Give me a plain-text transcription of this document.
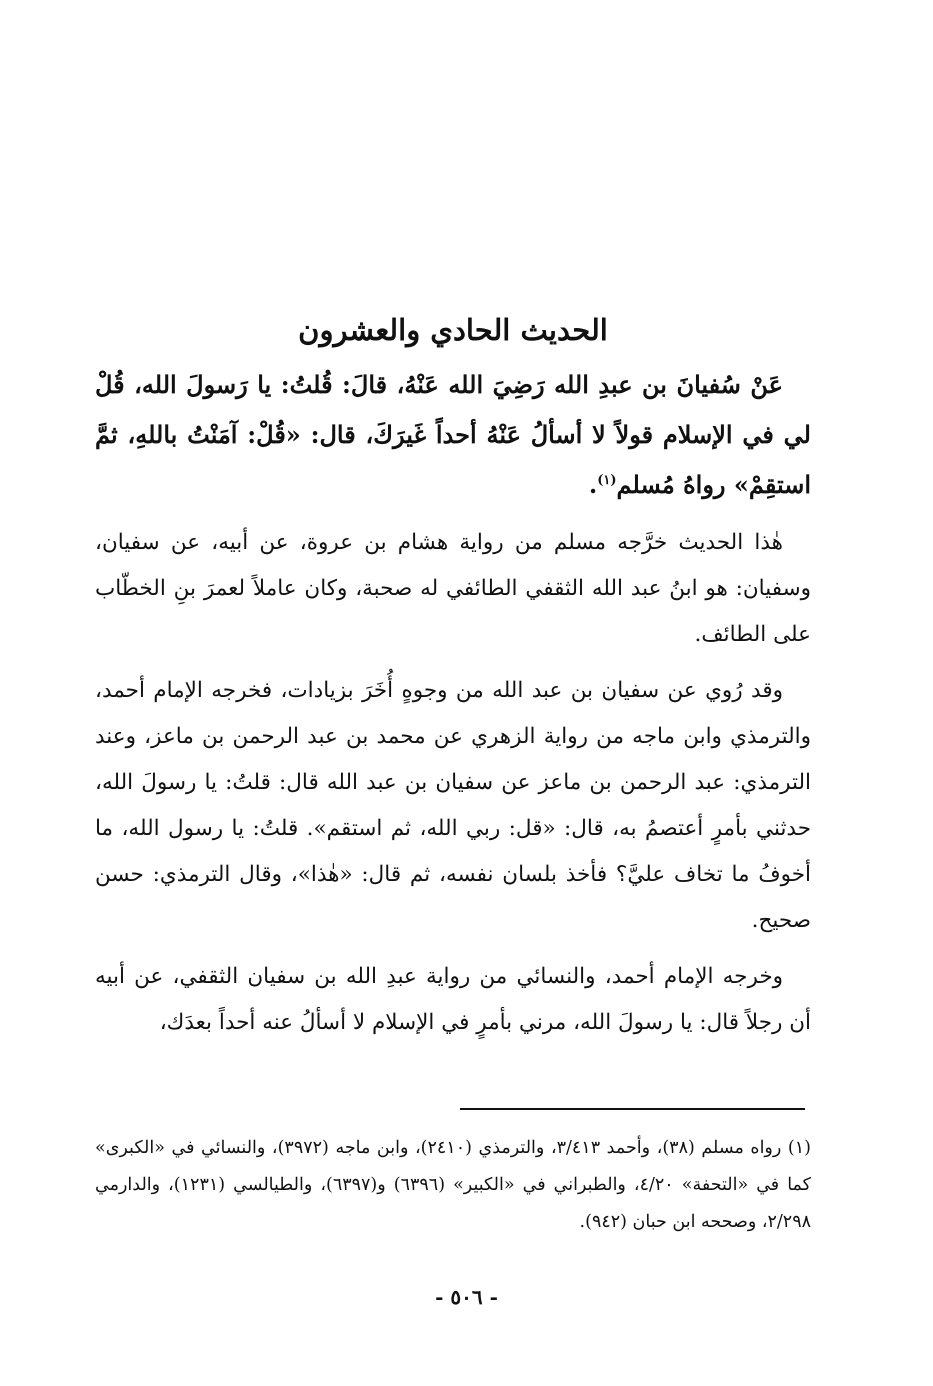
الحديث الحادي والعشرون

عَنْ سُفيانَ بن عبدِ الله رَضِيَ الله عَنْهُ، قالَ: قُلتُ: يا رَسولَ الله، قُلْ لي في الإسلام قولاً لا أسألُ عَنْهُ أحداً غَيرَكَ، قال: «قُلْ: آمَنْتُ باللهِ، ثمَّ استقِمْ» رواهُ مُسلم$^{(١)}$.

هٰذا الحديث خرَّجه مسلم من رواية هشام بن عروة، عن أبيه، عن سفيان، وسفيان: هو ابنُ عبد الله الثقفي الطائفي له صحبة، وكان عاملاً لعمرَ بنِ الخطّاب على الطائف.

وقد رُوي عن سفيان بن عبد الله من وجوهٍ أُخَرَ بزيادات، فخرجه الإمام أحمد، والترمذي وابن ماجه من رواية الزهري عن محمد بن عبد الرحمن بن ماعز، وعند الترمذي: عبد الرحمن بن ماعز عن سفيان بن عبد الله قال: قلتُ: يا رسولَ الله، حدثني بأمرٍ أعتصمُ به، قال: «قل: ربي الله، ثم استقم». قلتُ: يا رسول الله، ما أخوفُ ما تخاف عليَّ؟ فأخذ بلسان نفسه، ثم قال: «هٰذا»، وقال الترمذي: حسن صحيح.

وخرجه الإمام أحمد، والنسائي من رواية عبدِ الله بن سفيان الثقفي، عن أبيه أن رجلاً قال: يا رسولَ الله، مرني بأمرٍ في الإسلام لا أسألُ عنه أحداً بعدَك،

(١) رواه مسلم (٣٨)، وأحمد ٣/٤١٣، والترمذي (٢٤١٠)، وابن ماجه (٣٩٧٢)، والنسائي في «الكبرى» كما في «التحفة» ٤/٢٠، والطبراني في «الكبير» (٦٣٩٦) و(٦٣٩٧)، والطيالسي (١٢٣١)، والدارمي ٢/٢٩٨، وصححه ابن حبان (٩٤٢).

- ٥٠٦ -
